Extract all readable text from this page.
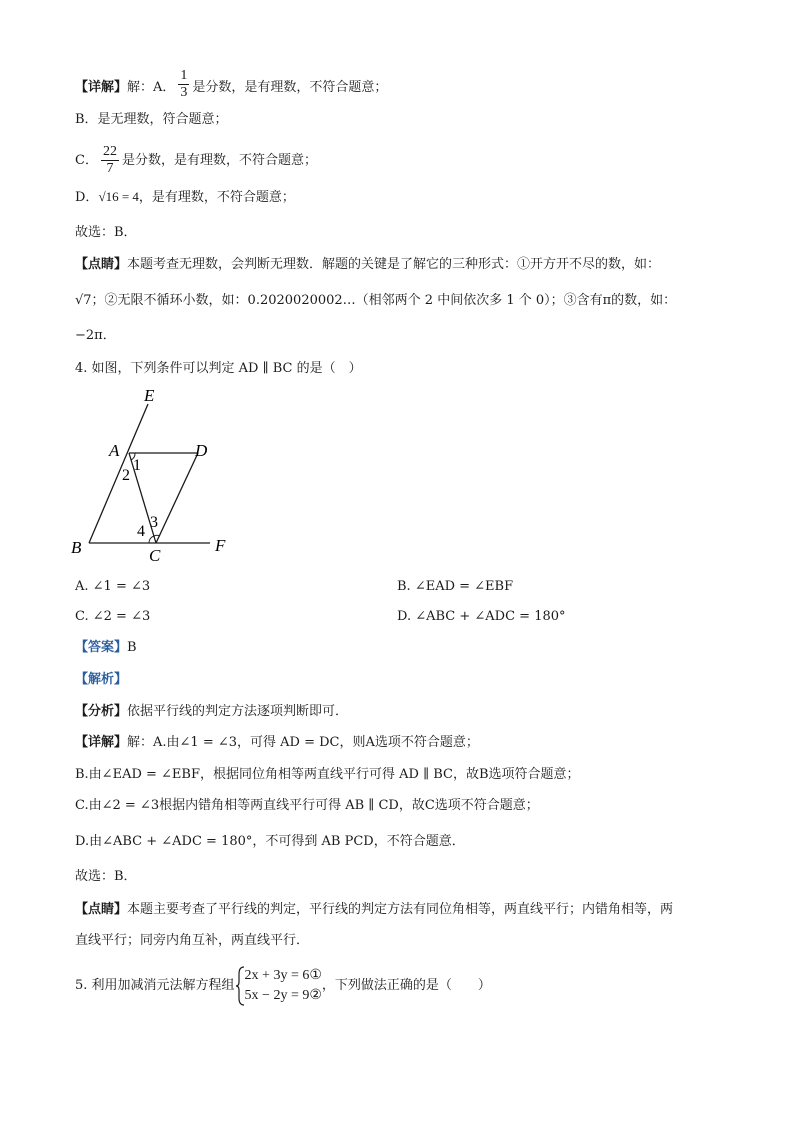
【详解】解：A． $\frac{1}{3}$ 是分数，是有理数，不符合题意；
B．是无理数，符合题意；
C． $\frac{22}{7}$ 是分数，是有理数，不符合题意；
D．√16 = 4，是有理数，不符合题意；
故选：B．
【点睛】本题考查无理数，会判断无理数．解题的关键是了解它的三种形式：①开方开不尽的数，如：
√7；②无限不循环小数，如：0.2020020002…（相邻两个 2 中间依次多 1 个 0）；③含有π的数，如：
−2π．
4. 如图，下列条件可以判定 AD ∥ BC 的是（　）
E
A	D
B	C
F
1
2
3
4
A. ∠1 = ∠3	B. ∠EAD = ∠EBF
C. ∠2 = ∠3	D. ∠ABC + ∠ADC = 180°
【答案】B
【解析】
【分析】依据平行线的判定方法逐项判断即可．
【详解】解：A.由∠1 = ∠3，可得 AD = DC，则A选项不符合题意；
B.由∠EAD = ∠EBF，根据同位角相等两直线平行可得 AD ∥ BC，故B选项符合题意；
C.由∠2 = ∠3根据内错角相等两直线平行可得 AB ∥ CD，故C选项不符合题意；
D.由∠ABC + ∠ADC = 180°，不可得到 AB PCD，不符合题意．
故选：B．
【点睛】本题主要考查了平行线的判定，平行线的判定方法有同位角相等，两直线平行；内错角相等，两
直线平行；同旁内角互补，两直线平行．
5. 利用加减消元法解方程组
2x + 3y = 6①
5x − 2y = 9②
，下列做法正确的是（　　）
